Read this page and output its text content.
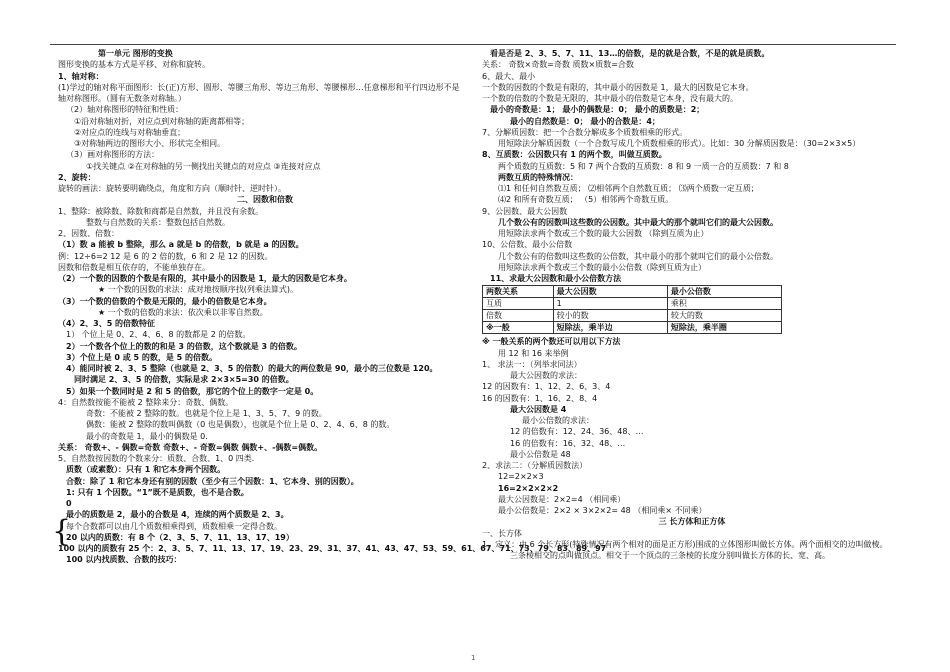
第一单元 图形的变换
图形变换的基本方式是平移、对称和旋转。
1、轴对称：
(1)学过的轴对称平面图形：长(正)方形、圆形、等腰三角形、等边三角形、等腰梯形…任意梯形和平行四边形不是
轴对称图形。（圆有无数条对称轴。）
（2）轴对称图形的特征和性质：
①沿对称轴对折，对应点到对称轴的距离都相等；
②对应点的连线与对称轴垂直；
③对称轴两边的图形大小、形状完全相同。
（3）画对称图形的方法：
①找关键点 ②在对称轴的另一侧找出关键点的对应点 ③连接对应点
2、旋转：
旋转的画法：旋转要明确绕点，角度和方向（顺时针、逆时针）。
二、因数和倍数
1、整除：被除数、除数和商都是自然数，并且没有余数。
整数与自然数的关系：整数包括自然数。
2、因数、倍数：
（1）数 a 能被 b 整除，那么 a 就是 b 的倍数，b 就是 a 的因数。
例：12÷6=2 12 是 6 的 2 倍的数，6 和 2 是 12 的因数。
因数和倍数是相互依存的，不能单独存在。
（2）一个数的因数的个数是有限的，其中最小的因数是 1，最大的因数是它本身。
★ 一个数的因数的求法：成对地按顺序找(列乘法算式)。
（3）一个数的倍数的个数是无限的，最小的倍数是它本身。
★ 一个数的倍数的求法：依次乘以非零自然数。
（4）2、3、5 的倍数特征
1） 个位上是 0、2、4、6、8 的数都是 2 的倍数。
2）一个数各个位上的数的和是 3 的倍数，这个数就是 3 的倍数。
3）个位上是 0 或 5 的数，是 5 的倍数。
4）能同时被 2、3、5 整除（也就是 2、3、5 的倍数）的最大的两位数是 90，最小的三位数是 120。
同时满足 2、3、5 的倍数，实际是求 2×3×5=30 的倍数。
5）如果一个数同时是 2 和 5 的倍数，那它的个位上的数字一定是 0。
4：自然数按能不能被 2 整除来分：奇数、偶数。
奇数：不能被 2 整除的数。也就是个位上是 1、3、5、7、9 的数。
偶数：能被 2 整除的数叫偶数（0 也是偶数），也就是个位上是 0、2、4、6、8 的数。
最小的奇数是 1，最小的偶数是 0.
关系： 奇数+、- 偶数=奇数 奇数+、- 奇数=偶数 偶数+、-偶数=偶数。
5、自然数按因数的个数来分：质数、合数、1、0 四类.
质数（或素数）：只有 1 和它本身两个因数。
合数：除了 1 和它本身还有别的因数（至少有三个因数：1、它本身、别的因数）。
1: 只有 1 个因数。“1”既不是质数，也不是合数。
0
最小的质数是 2，最小的合数是 4，连续的两个质数是 2、3。
每个合数都可以由几个质数相乘得到，质数相乘一定得合数。
20 以内的质数：有 8 个（2、3、5、7、11、13、17、19）
100 以内的质数有 25 个：2、3、5、7、11、13、17、19、23、29、31、37、41、43、47、53、59、61、67、71、73、79、83、89、97
100 以内找质数、合数的技巧：
看是否是 2、3、5、7、11、13…的倍数，是的就是合数，不是的就是质数。
关系： 奇数×奇数=奇数 质数×质数=合数
6、最大、最小
一个数的因数的个数是有限的，其中最小的因数是 1，最大的因数是它本身。
一个数的倍数的个数是无限的，其中最小的倍数是它本身，没有最大的。
最小的奇数是：1； 最小的偶数是：0； 最小的质数是：2；
最小的自然数是：0； 最小的合数是：4；
7、分解质因数：把一个合数分解成多个质数相乘的形式。
用短除法分解质因数（一个合数写成几个质数相乘的形式）。比如：30 分解质因数是：（30=2×3×5）
8、互质数：公因数只有 1 的两个数，叫做互质数。
两个质数的互质数：5 和 7 两个合数的互质数：8 和 9 一质一合的互质数：7 和 8
两数互质的特殊情况：
⑴1 和任何自然数互质； ⑵相邻两个自然数互质； ⑶两个质数一定互质；
⑷2 和所有奇数互质； （5）相邻两个奇数互质。
9、公因数、最大公因数
几个数公有的因数叫这些数的公因数。其中最大的那个就叫它们的最大公因数。
用短除法求两个数或三个数的最大公因数 （除到互质为止）
10、公倍数、最小公倍数
几个数公有的倍数叫这些数的公倍数，其中最小的那个就叫它们的最小公倍数。
用短除法求两个数或三个数的最小公倍数（除到互质为止）
11、求最大公因数和最小公倍数方法
两数关系	最大公因数	最小公倍数
互质	1	乘积
倍数	较小的数	较大的数
※一般	短除法，乘半边	短除法，乘半圈
※ 一般关系的两个数还可以用以下方法
用 12 和 16 来举例
1、 求法一：（列举求同法）
最大公因数的求法：
12 的因数有：1、12、2、6、3、4
16 的因数有：1、16、2、8、4
最大公因数是 4
最小公倍数的求法：
12 的倍数有：12、24、36、48、…
16 的倍数有：16、32、48、…
最小公倍数是 48
2、求法二：（分解质因数法）
12=2×2×3
16=2×2×2×2
最大公因数是：2×2=4 （相同乘）
最小公倍数是：2×2 × 3×2×2= 48 （相同乘× 不同乘）
三 长方体和正方体
一、长方体
1、定义：由 6 个长方形(特殊情况有两个相对的面是正方形)围成的立体图形叫做长方体。两个面相交的边叫做棱。
三条棱相交的点叫做顶点。相交于一个顶点的三条棱的长度分别叫做长方体的长、宽、高。
{
1
